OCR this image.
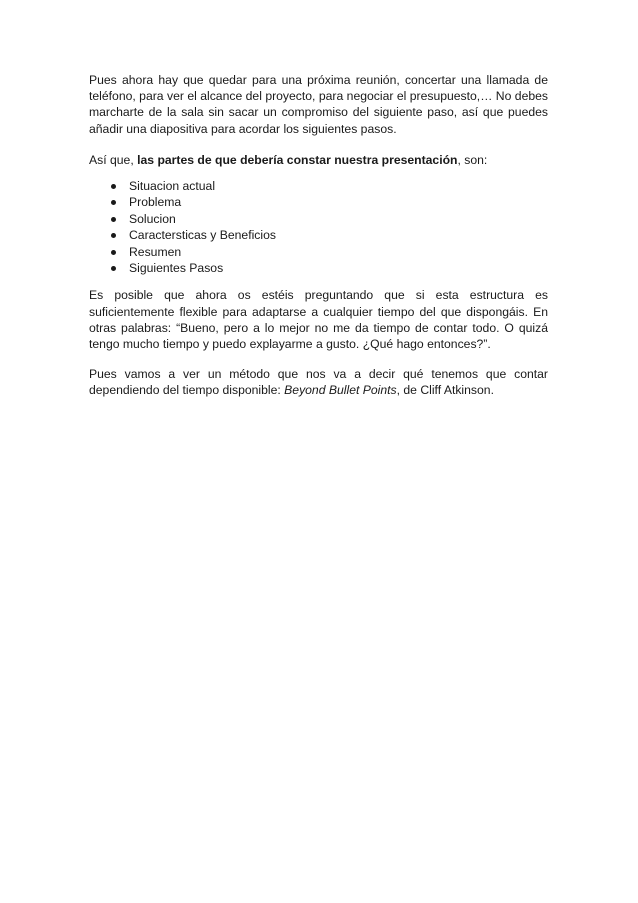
Pues ahora hay que quedar para una próxima reunión, concertar una llamada de teléfono, para ver el alcance del proyecto, para negociar el presupuesto,… No debes marcharte de la sala sin sacar un compromiso del siguiente paso, así que puedes añadir una diapositiva para acordar los siguientes pasos.

Así que, las partes de que debería constar nuestra presentación, son:

Situacion actual
Problema
Solucion
Caractersticas y Beneficios
Resumen
Siguientes Pasos

Es posible que ahora os estéis preguntando que si esta estructura es suficientemente flexible para adaptarse a cualquier tiempo del que dispongáis. En otras palabras: “Bueno, pero a lo mejor no me da tiempo de contar todo. O quizá tengo mucho tiempo y puedo explayarme a gusto. ¿Qué hago entonces?”.

Pues vamos a ver un método que nos va a decir qué tenemos que contar dependiendo del tiempo disponible: Beyond Bullet Points, de Cliff Atkinson.
